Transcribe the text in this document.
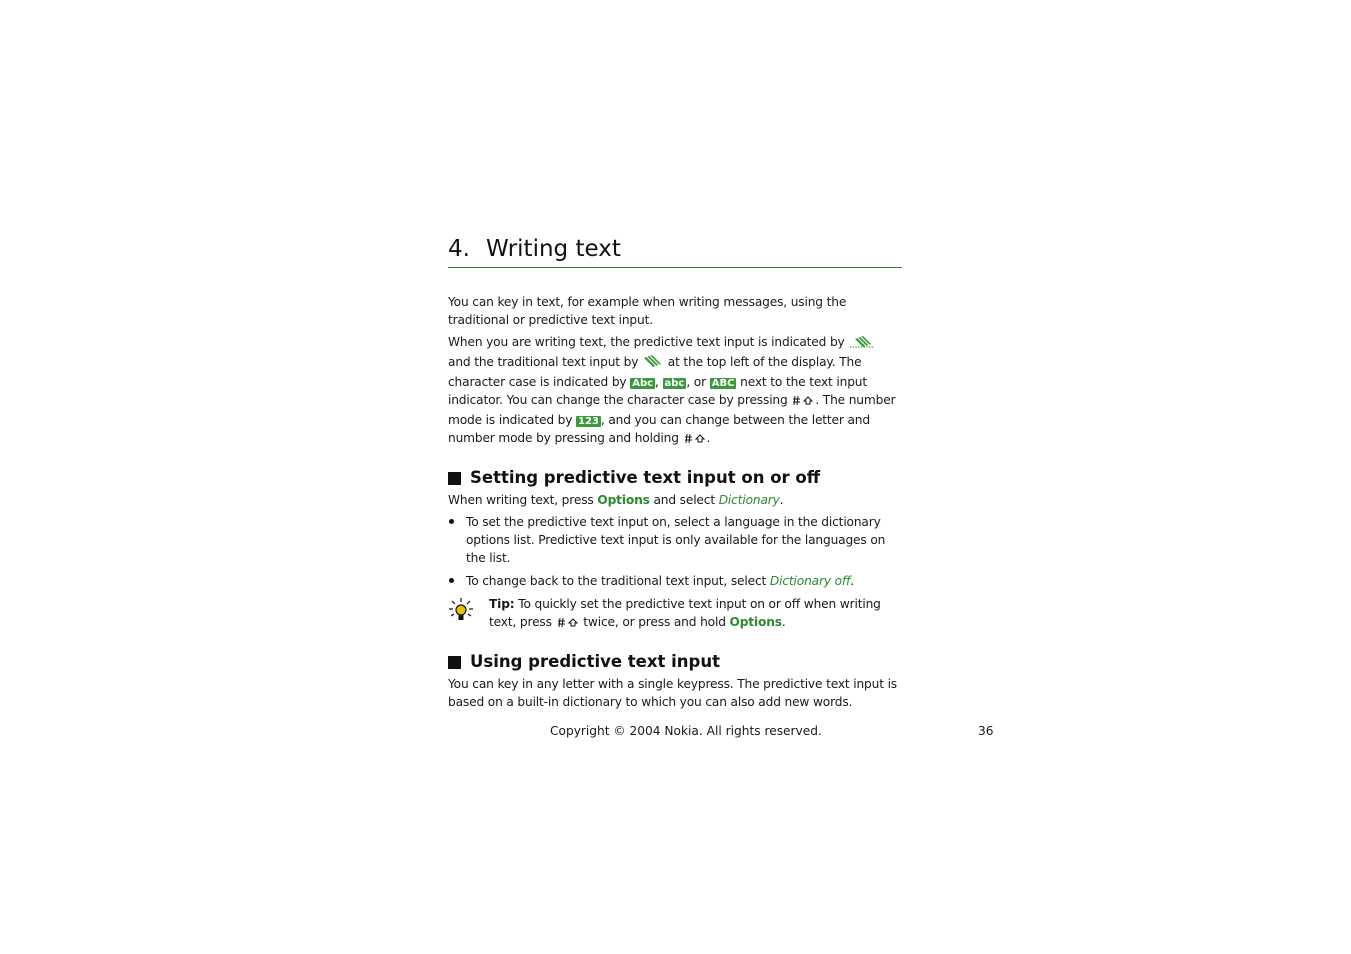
4. Writing text

You can key in text, for example when writing messages, using the traditional or predictive text input.

When you are writing text, the predictive text input is indicated by  and the traditional text input by at the top left of the display. The character case is indicated by Abc , abc , or ABC next to the text input indicator. You can change the character case by pressing . The number mode is indicated by 123 , and you can change between the letter and number mode by pressing and holding .

Setting predictive text input on or off

When writing text, press Options and select Dictionary.

To set the predictive text input on, select a language in the dictionary options list. Predictive text input is only available for the languages on the list.
To change back to the traditional text input, select Dictionary off.

Tip: To quickly set the predictive text input on or off when writing text, press	twice, or press and hold Options.

Using predictive text input

You can key in any letter with a single keypress. The predictive text input is based on a built-in dictionary to which you can also add new words.

Copyright © 2004 Nokia. All rights reserved.	36
